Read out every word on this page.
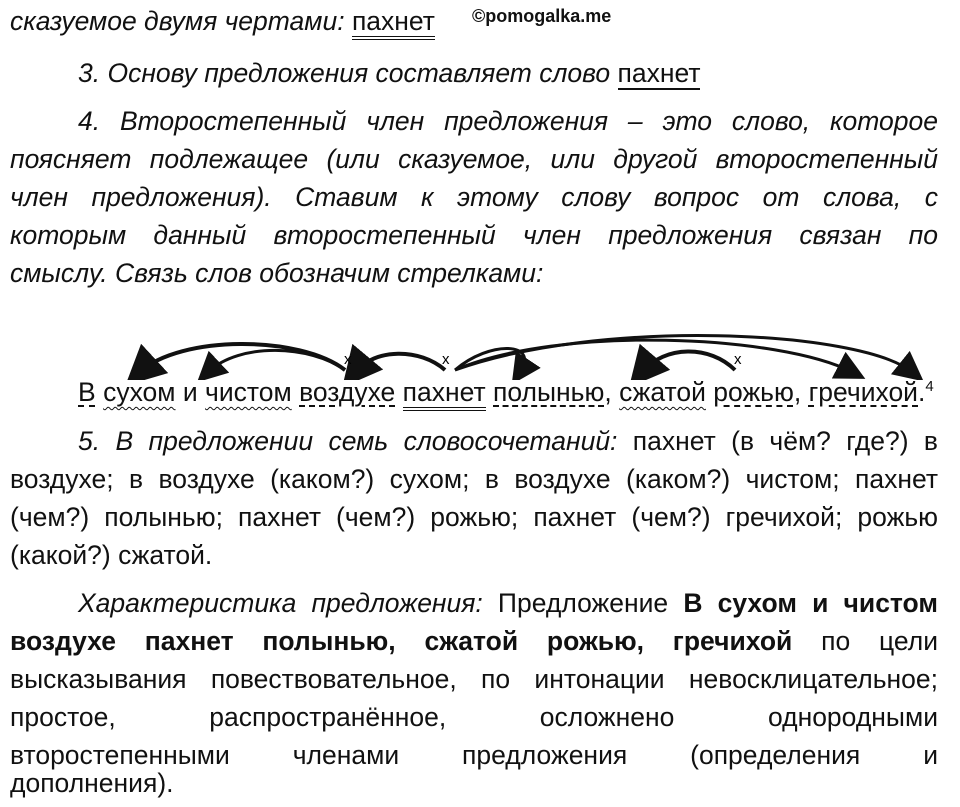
сказуемое двумя чертами: пахнет ©pomogalka.me
3. Основу предложения составляет слово пахнет
4. Второстепенный член предложения – это слово, которое
поясняет подлежащее (или сказуемое, или другой второстепенный
член предложения). Ставим к этому слову вопрос от слова, с
которым данный второстепенный член предложения связан по
смыслу. Связь слов обозначим стрелками:
x	x	x
В сухом и чистом воздухе пахнет полынью, сжатой рожью, гречихой.$^4$
5. В предложении семь словосочетаний: пахнет (в чём? где?) в
воздухе; в воздухе (каком?) сухом; в воздухе (каком?) чистом; пахнет
(чем?) полынью; пахнет (чем?) рожью; пахнет (чем?) гречихой; рожью
(какой?) сжатой.
Характеристика предложения: Предложение В сухом и чистом
воздухе пахнет полынью, сжатой рожью, гречихой по цели
высказывания повествовательное, по интонации невосклицательное;
простое, распространённое, осложнено однородными
второстепенными членами предложения (определения и
дополнения).
